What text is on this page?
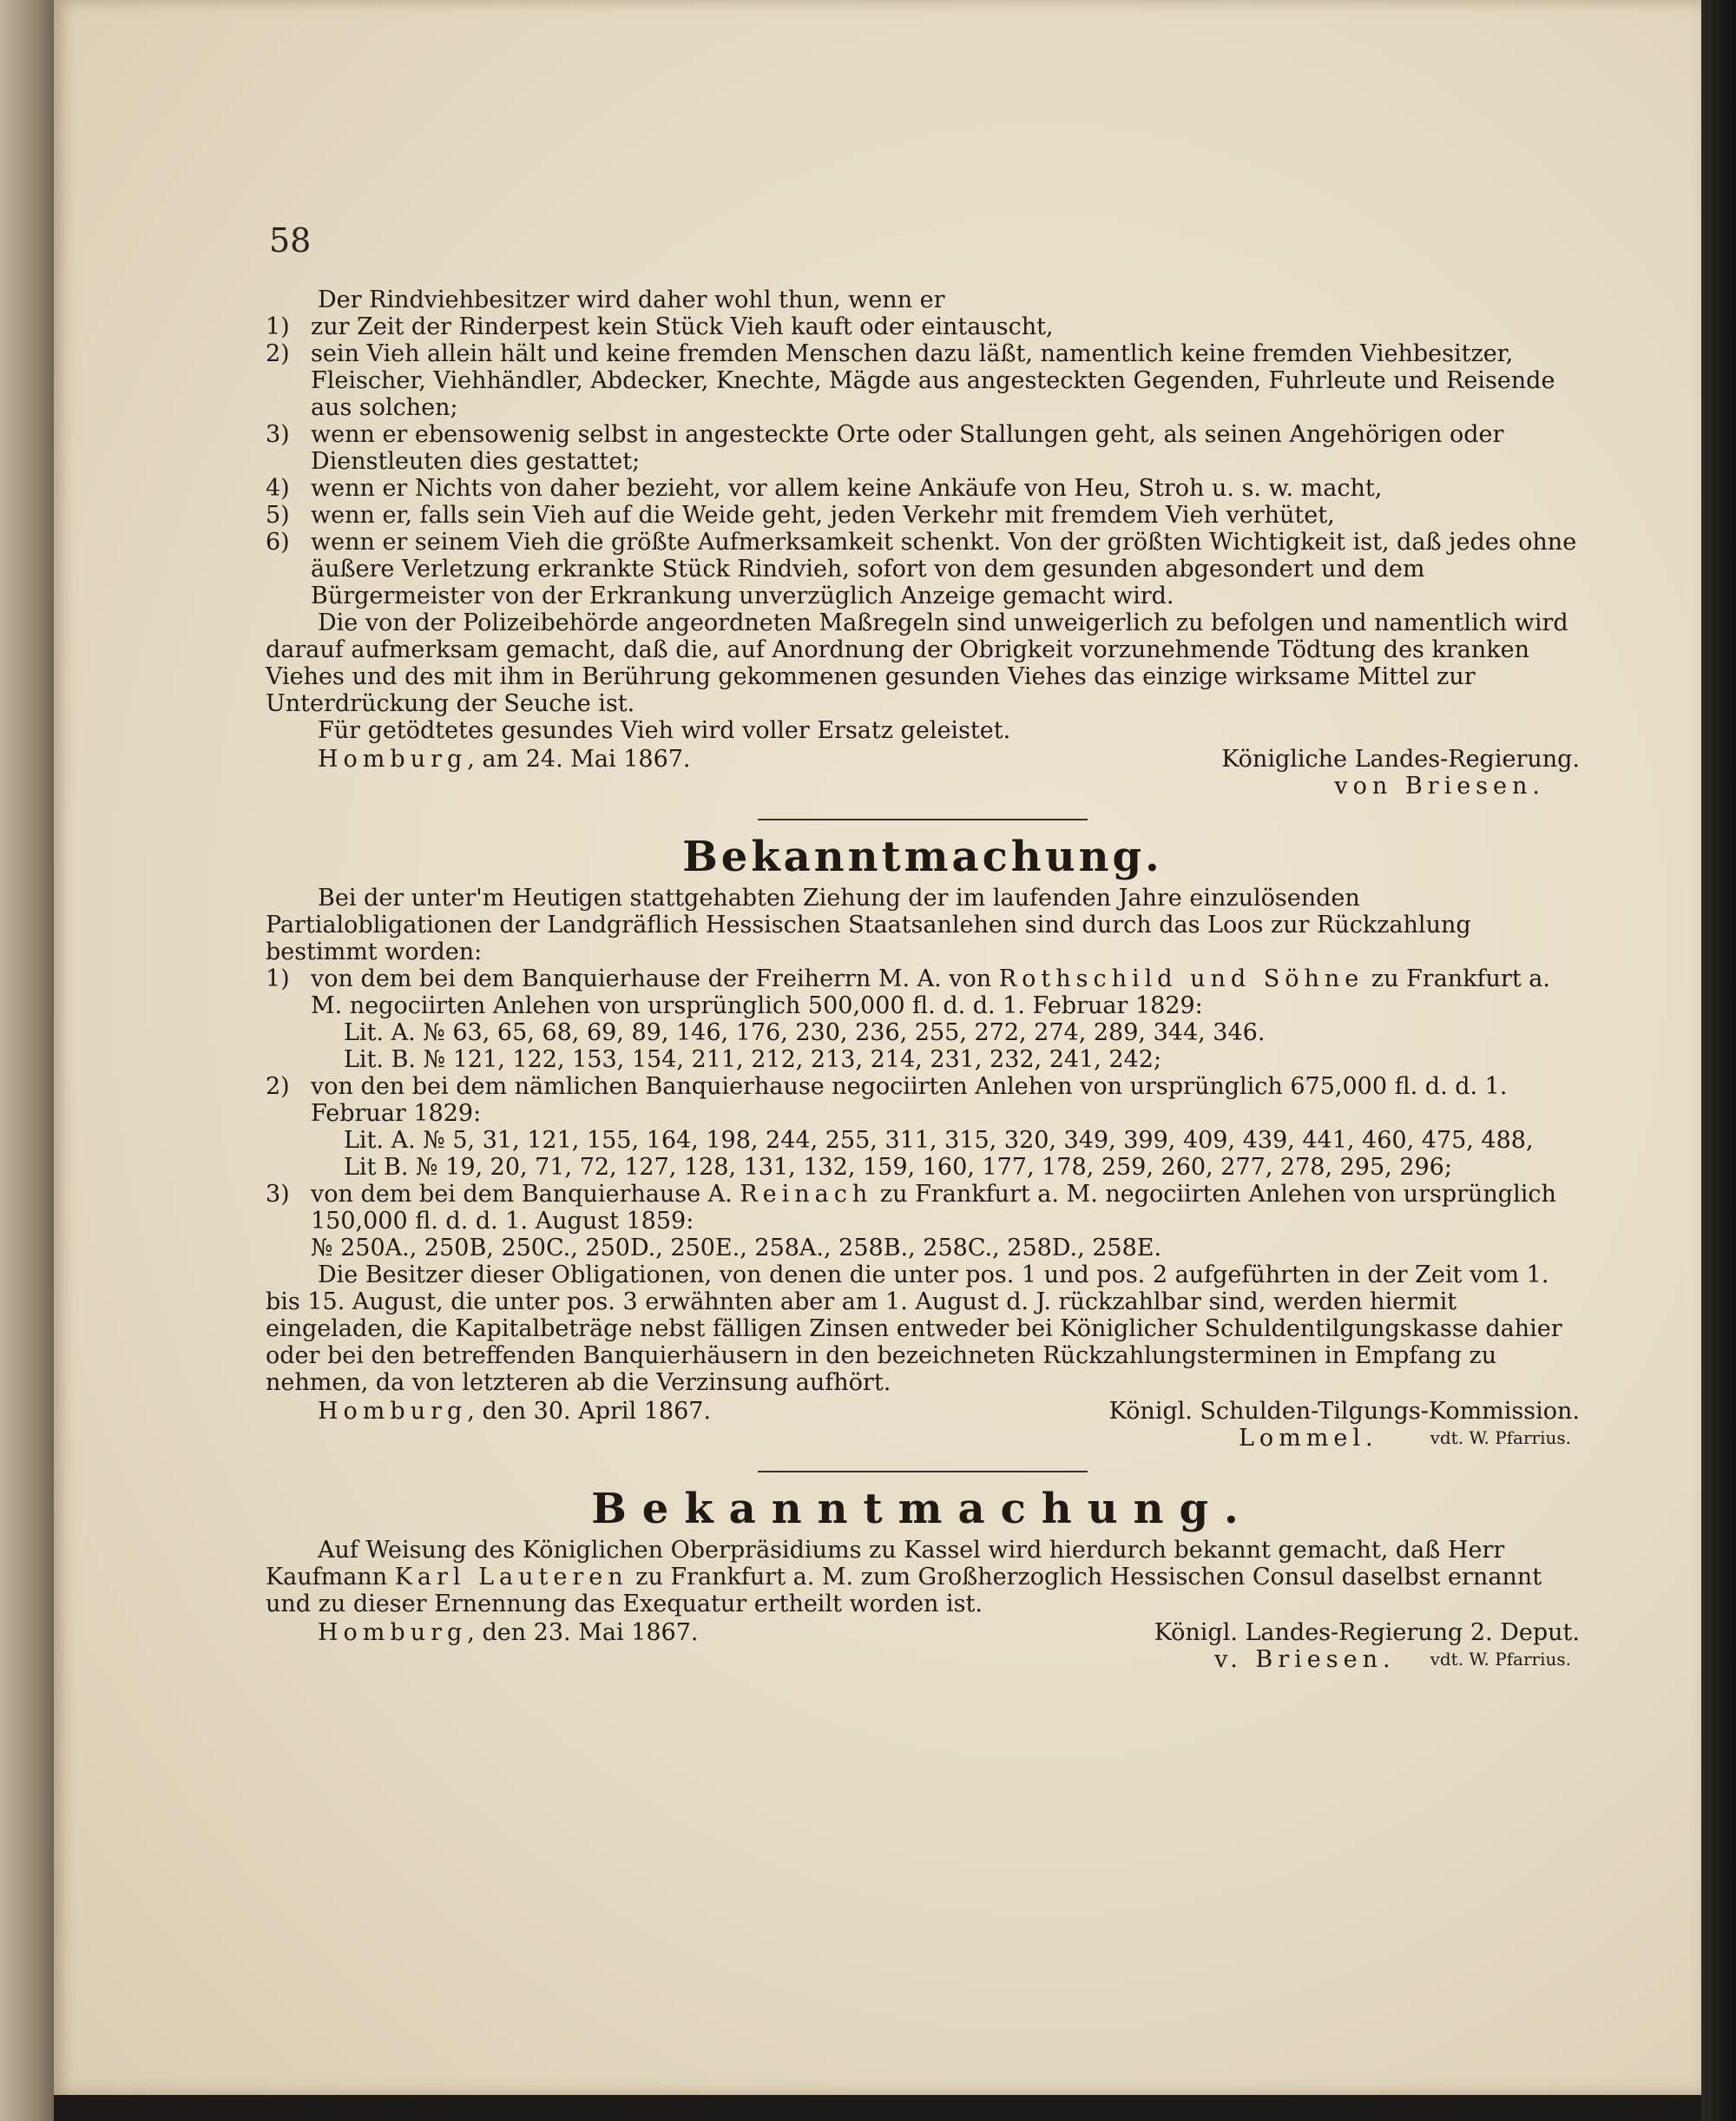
58

Der Rindviehbesitzer wird daher wohl thun, wenn er

1) zur Zeit der Rinderpest kein Stück Vieh kauft oder eintauscht,
2) sein Vieh allein hält und keine fremden Menschen dazu läßt, namentlich keine fremden Viehbesitzer, Fleischer, Viehhändler, Abdecker, Knechte, Mägde aus angesteckten Gegenden, Fuhrleute und Reisende aus solchen;
3) wenn er ebensowenig selbst in angesteckte Orte oder Stallungen geht, als seinen Angehörigen oder Dienstleuten dies gestattet;
4) wenn er Nichts von daher bezieht, vor allem keine Ankäufe von Heu, Stroh u. s. w. macht,
5) wenn er, falls sein Vieh auf die Weide geht, jeden Verkehr mit fremdem Vieh verhütet,
6) wenn er seinem Vieh die größte Aufmerksamkeit schenkt. Von der größten Wichtigkeit ist, daß jedes ohne äußere Verletzung erkrankte Stück Rindvieh, sofort von dem gesunden abgesondert und dem Bürgermeister von der Erkrankung unverzüglich Anzeige gemacht wird.

Die von der Polizeibehörde angeordneten Maßregeln sind unweigerlich zu befolgen und namentlich wird darauf aufmerksam gemacht, daß die, auf Anordnung der Obrigkeit vorzunehmende Tödtung des kranken Viehes und des mit ihm in Berührung gekommenen gesunden Viehes das einzige wirksame Mittel zur Unterdrückung der Seuche ist.

Für getödtetes gesundes Vieh wird voller Ersatz geleistet.

Homburg, am 24. Mai 1867.	Königliche Landes-Regierung.

von Briesen.

Bekanntmachung.

Bei der unter'm Heutigen stattgehabten Ziehung der im laufenden Jahre einzulösenden Partialobligationen der Landgräflich Hessischen Staatsanlehen sind durch das Loos zur Rückzahlung bestimmt worden:

1) von dem bei dem Banquierhause der Freiherrn M. A. von Rothschild und Söhne zu Frankfurt a. M. negociirten Anlehen von ursprünglich 500,000 fl. d. d. 1. Februar 1829:

Lit. A. № 63, 65, 68, 69, 89, 146, 176, 230, 236, 255, 272, 274, 289, 344, 346.

Lit. B. № 121, 122, 153, 154, 211, 212, 213, 214, 231, 232, 241, 242;

2) von den bei dem nämlichen Banquierhause negociirten Anlehen von ursprünglich 675,000 fl. d. d. 1. Februar 1829:

Lit. A. № 5, 31, 121, 155, 164, 198, 244, 255, 311, 315, 320, 349, 399, 409, 439, 441, 460, 475, 488,

Lit B. № 19, 20, 71, 72, 127, 128, 131, 132, 159, 160, 177, 178, 259, 260, 277, 278, 295, 296;

3) von dem bei dem Banquierhause A. Reinach zu Frankfurt a. M. negociirten Anlehen von ursprünglich 150,000 fl. d. d. 1. August 1859:

№ 250A., 250B, 250C., 250D., 250E., 258A., 258B., 258C., 258D., 258E.

Die Besitzer dieser Obligationen, von denen die unter pos. 1 und pos. 2 aufgeführten in der Zeit vom 1. bis 15. August, die unter pos. 3 erwähnten aber am 1. August d. J. rückzahlbar sind, werden hiermit eingeladen, die Kapitalbeträge nebst fälligen Zinsen entweder bei Königlicher Schuldentilgungskasse dahier oder bei den betreffenden Banquierhäusern in den bezeichneten Rückzahlungsterminen in Empfang zu nehmen, da von letzteren ab die Verzinsung aufhört.

Homburg, den 30. April 1867.	Königl. Schulden-Tilgungs-Kommission.
Lommel.	vdt. W. Pfarrius.
Bekanntmachung.

Auf Weisung des Königlichen Oberpräsidiums zu Kassel wird hierdurch bekannt gemacht, daß Herr Kaufmann Karl Lauteren zu Frankfurt a. M. zum Großherzoglich Hessischen Consul daselbst ernannt und zu dieser Ernennung das Exequatur ertheilt worden ist.

Homburg, den 23. Mai 1867.	Königl. Landes-Regierung 2. Deput.
v. Briesen. vdt. W. Pfarrius.
